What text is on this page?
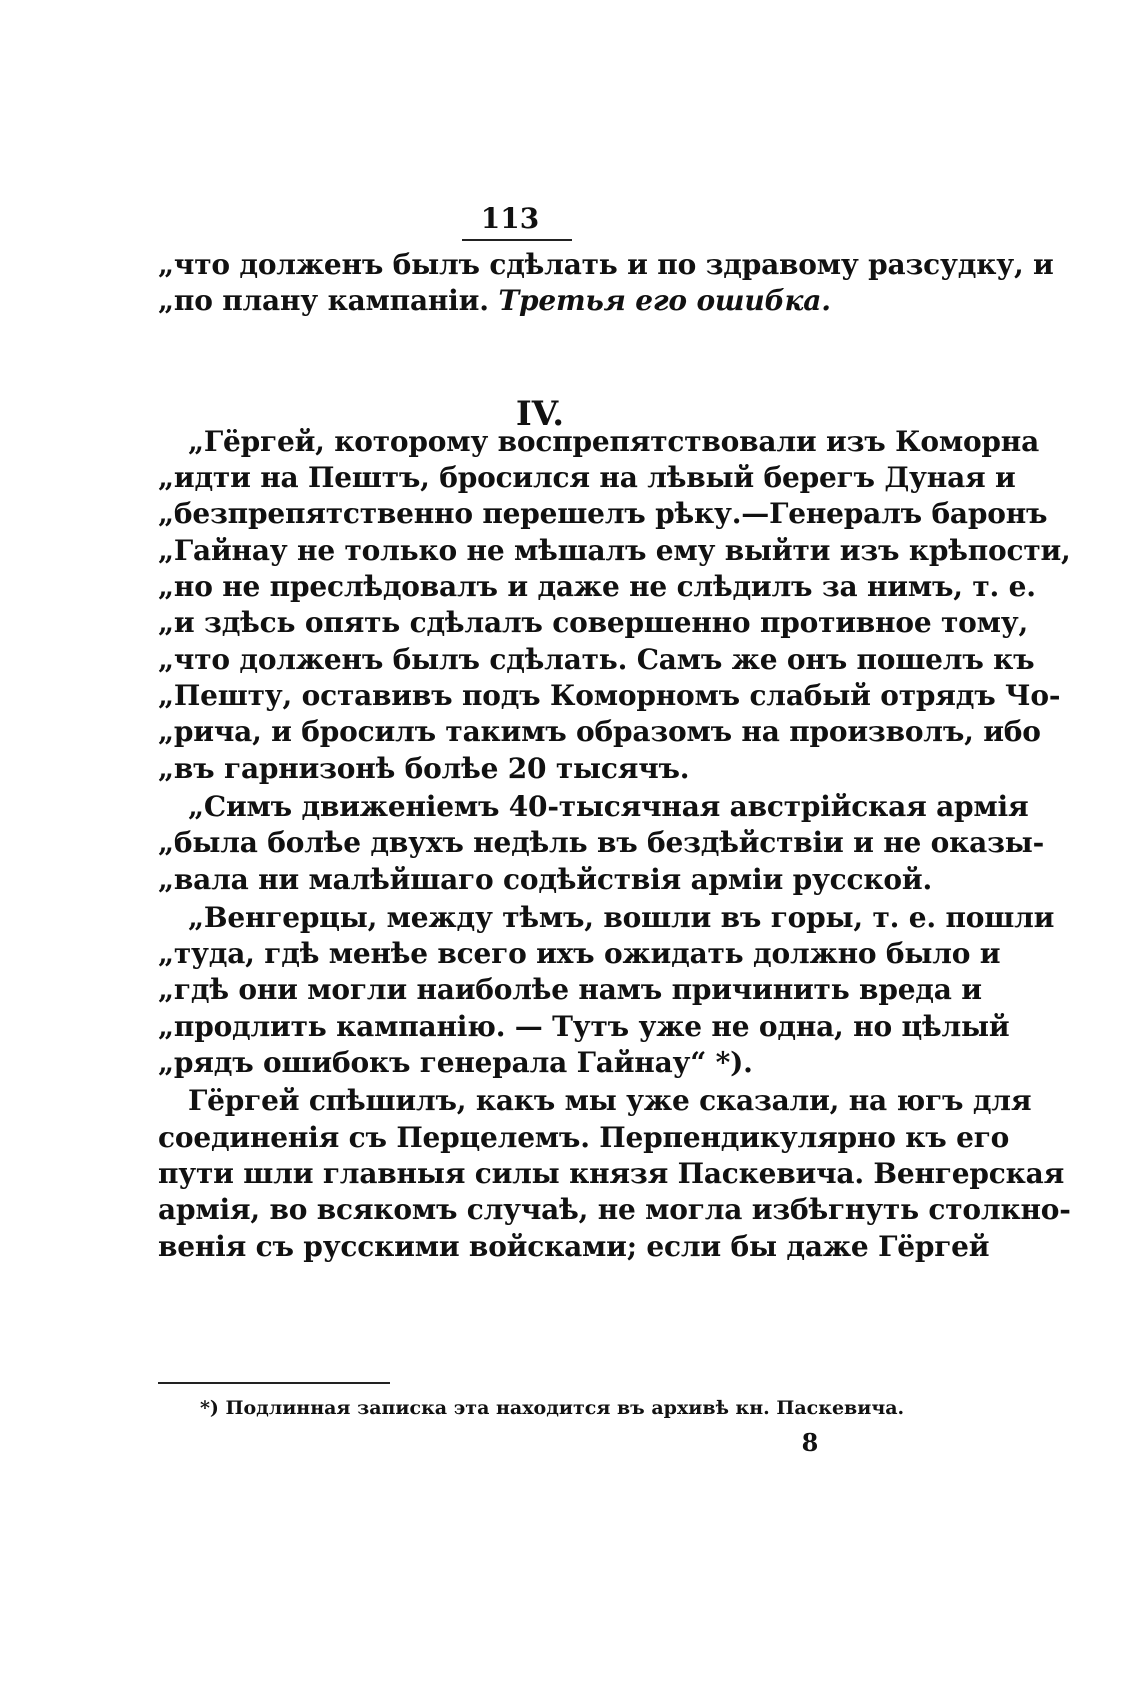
113
„что долженъ былъ сдѣлать и по здравому разсудку, и
„по плану кампаніи. Третья его ошибка.
IV.
„Гёргей, которому воспрепятствовали изъ Коморна
„идти на Пештъ, бросился на лѣвый берегъ Дуная и
„безпрепятственно перешелъ рѣку.—Генералъ баронъ
„Гайнау не только не мѣшалъ ему выйти изъ крѣпости,
„но не преслѣдовалъ и даже не слѣдилъ за нимъ, т. е.
„и здѣсь опять сдѣлалъ совершенно противное тому,
„что долженъ былъ сдѣлать. Самъ же онъ пошелъ къ
„Пешту, оставивъ подъ Коморномъ слабый отрядъ Чо-
„рича, и бросилъ такимъ образомъ на произволъ, ибо
„въ гарнизонѣ болѣе 20 тысячъ.
„Симъ движеніемъ 40-тысячная австрійская армія
„была болѣе двухъ недѣль въ бездѣйствіи и не оказы-
„вала ни малѣйшаго содѣйствія арміи русской.
„Венгерцы, между тѣмъ, вошли въ горы, т. е. пошли
„туда, гдѣ менѣе всего ихъ ожидать должно было и
„гдѣ они могли наиболѣе намъ причинить вреда и
„продлить кампанію. — Тутъ уже не одна, но цѣлый
„рядъ ошибокъ генерала Гайнау“ *).
Гёргей спѣшилъ, какъ мы уже сказали, на югъ для
соединенія съ Перцелемъ. Перпендикулярно къ его
пути шли главныя силы князя Паскевича. Венгерская
армія, во всякомъ случаѣ, не могла избѣгнуть столкно-
венія съ русскими войсками; если бы даже Гёргей
*) Подлинная записка эта находится въ архивѣ кн. Паскевича.
8
